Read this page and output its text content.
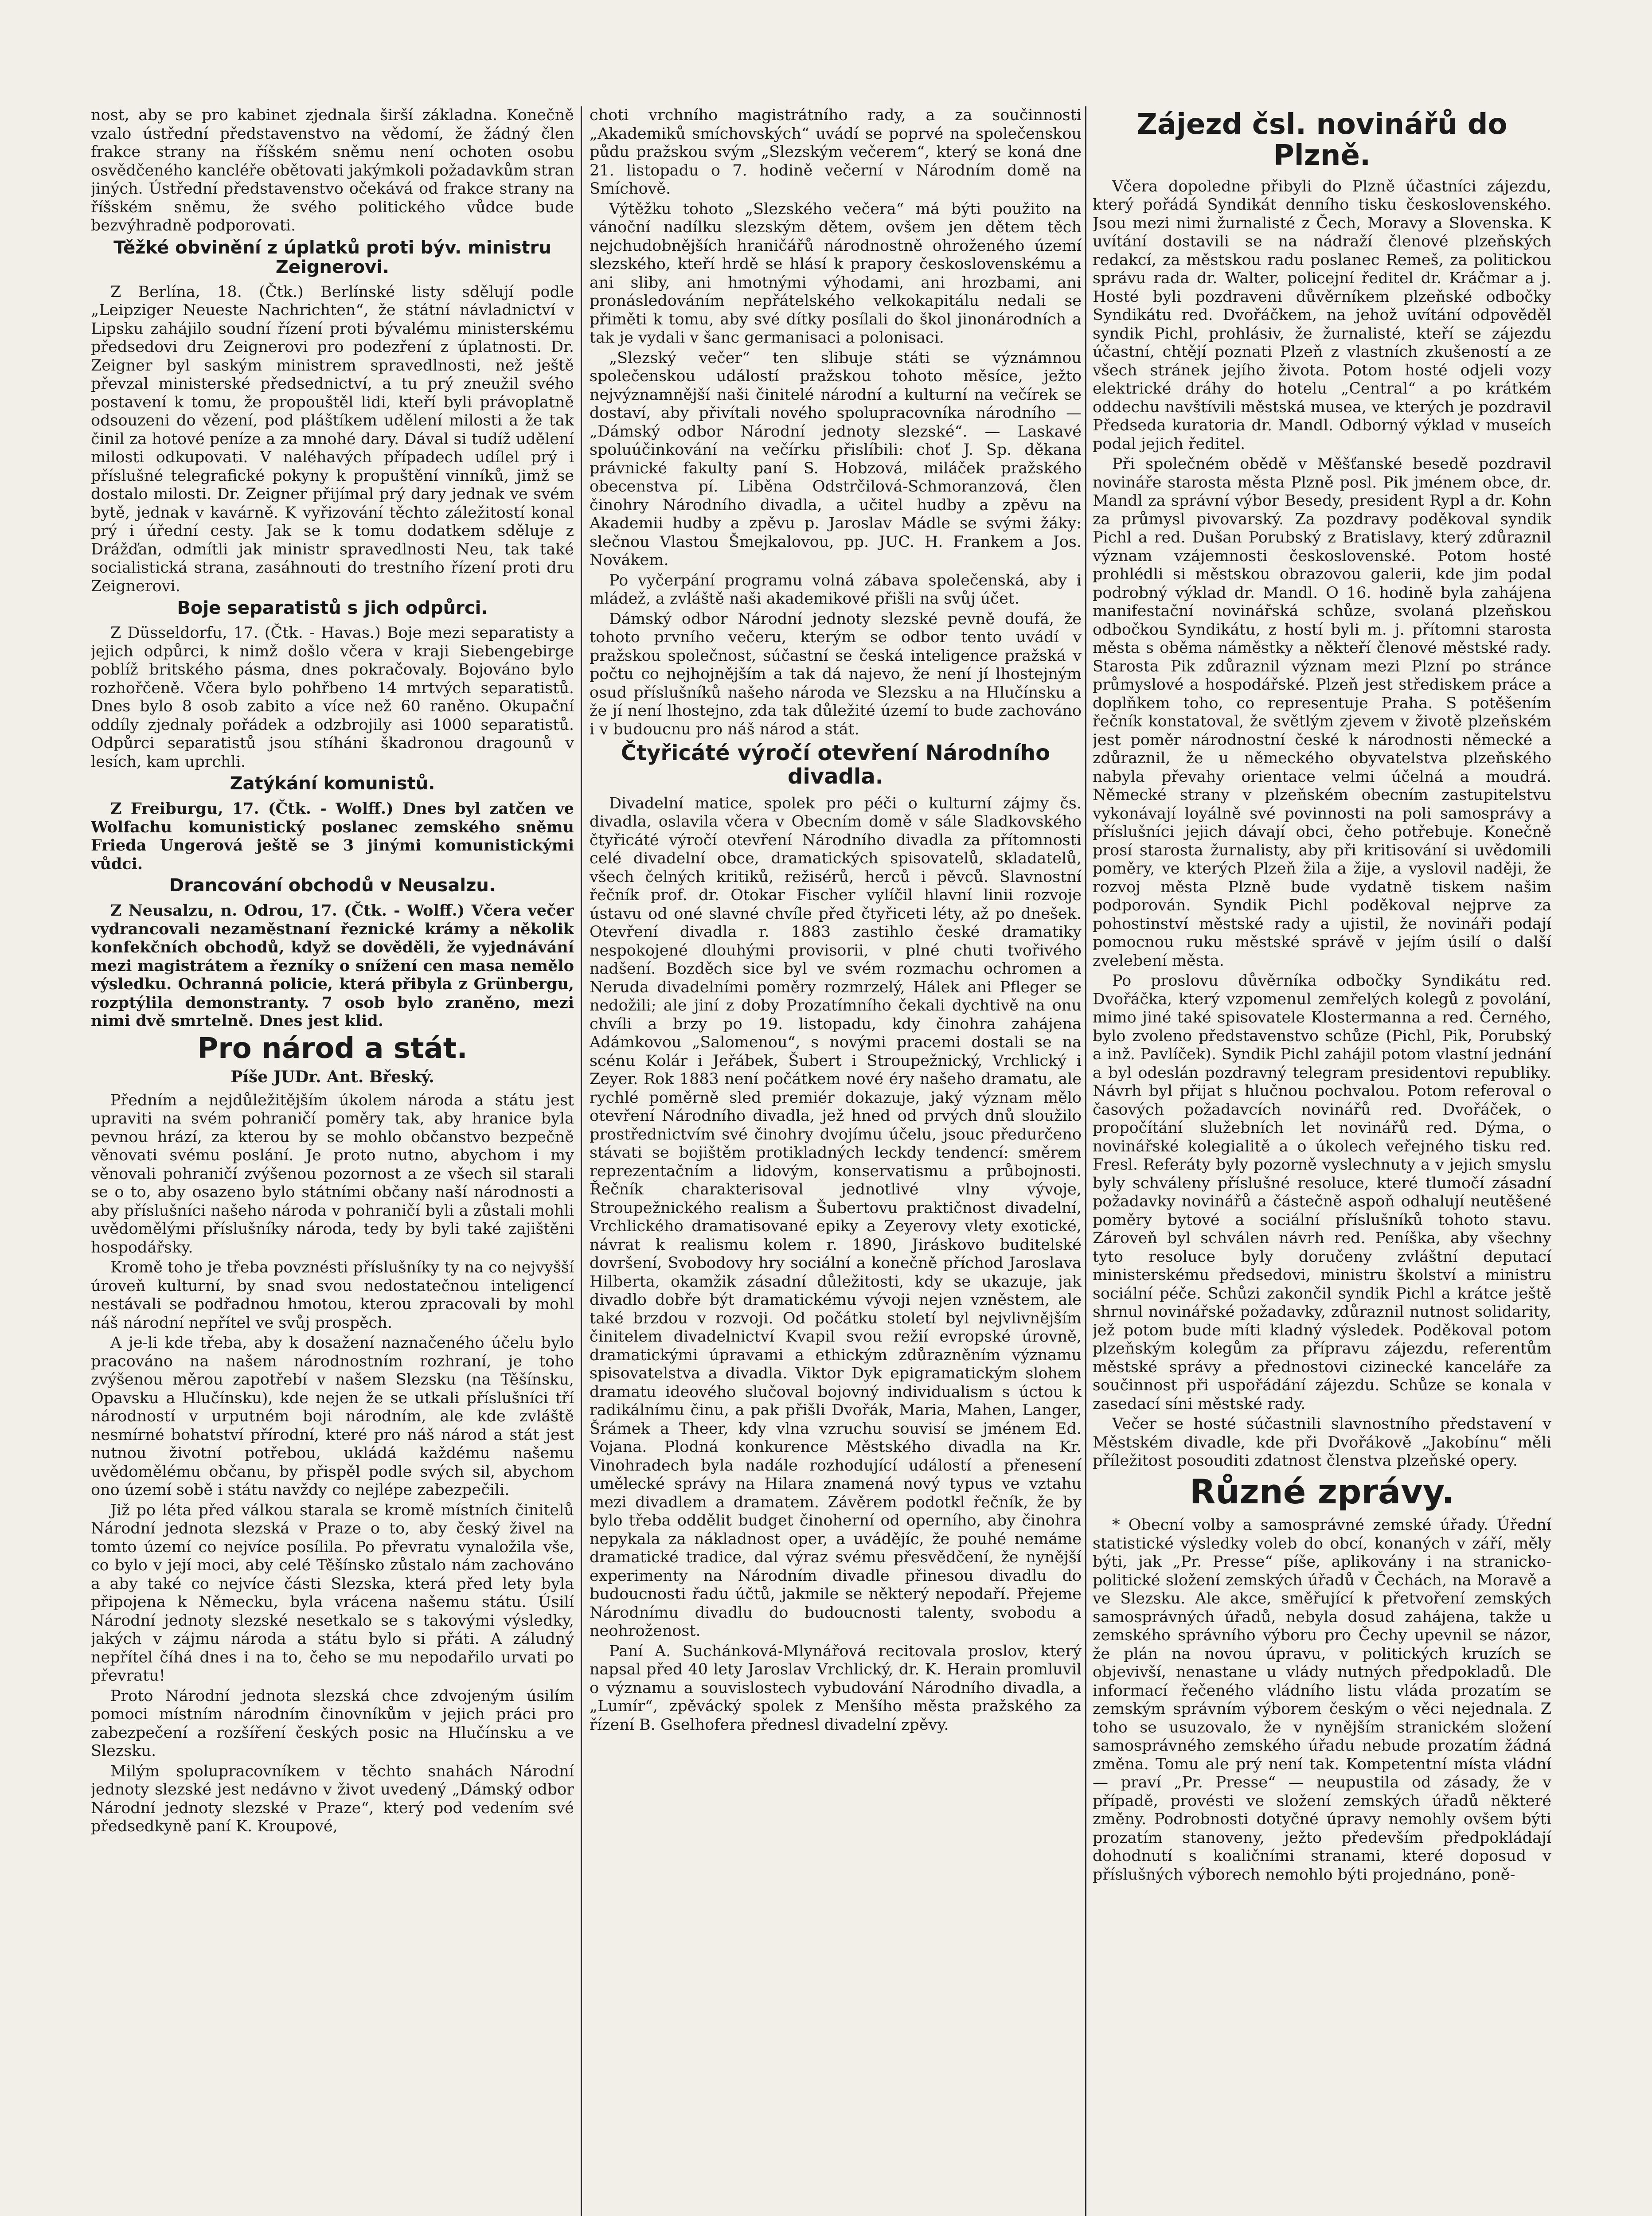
nost, aby se pro kabinet zjednala širší základna. Konečně vzalo ústřední představenstvo na vědomí, že žádný člen frakce strany na říšském sněmu není ochoten osobu osvědčeného kancléře obětovati jakýmkoli požadavkům stran jiných. Ústřední představenstvo očekává od frakce strany na říšském sněmu, že svého politického vůdce bude bezvýhradně podporovati.

Těžké obvinění z úplatků proti býv. ministru Zeignerovi.

Z Berlína, 18. (Čtk.) Berlínské listy sdělují podle „Leipziger Neueste Nachrichten“, že státní návladnictví v Lipsku zahájilo soudní řízení proti bývalému ministerskému předsedovi dru Zeignerovi pro podezření z úplatnosti. Dr. Zeigner byl saským ministrem spravedlnosti, než ještě převzal ministerské předsednictví, a tu prý zneužil svého postavení k tomu, že propouštěl lidi, kteří byli právoplatně odsouzeni do vězení, pod pláštíkem udělení milosti a že tak činil za hotové peníze a za mnohé dary. Dával si tudíž udělení milosti odkupovati. V naléhavých případech udílel prý i příslušné telegrafické pokyny k propuštění vinníků, jimž se dostalo milosti. Dr. Zeigner přijímal prý dary jednak ve svém bytě, jednak v kavárně. K vyřizování těchto záležitostí konal prý i úřední cesty. Jak se k tomu dodatkem sděluje z Drážďan, odmítli jak ministr spravedlnosti Neu, tak také socialistická strana, zasáhnouti do trestního řízení proti dru Zeignerovi.

Boje separatistů s jich odpůrci.

Z Düsseldorfu, 17. (Čtk. - Havas.) Boje mezi separatisty a jejich odpůrci, k nimž došlo včera v kraji Siebengebirge poblíž britského pásma, dnes pokračovaly. Bojováno bylo rozhořčeně. Včera bylo pohřbeno 14 mrtvých separatistů. Dnes bylo 8 osob zabito a více než 60 raněno. Okupační oddíly zjednaly pořádek a odzbrojily asi 1000 separatistů. Odpůrci separatistů jsou stíháni škadronou dragounů v lesích, kam uprchli.

Zatýkání komunistů.

Z Freiburgu, 17. (Čtk. - Wolff.) Dnes byl zatčen ve Wolfachu komunistický poslanec zemského sněmu Frieda Ungerová ještě se 3 jinými komunistickými vůdci.

Drancování obchodů v Neusalzu.

Z Neusalzu, n. Odrou, 17. (Čtk. - Wolff.) Včera večer vydrancovali nezaměstnaní řeznické krámy a několik konfekčních obchodů, když se dověděli, že vyjednávání mezi magistrátem a řezníky o snížení cen masa nemělo výsledku. Ochranná policie, která přibyla z Grünbergu, rozptýlila demonstranty. 7 osob bylo zraněno, mezi nimi dvě smrtelně. Dnes jest klid.

Pro národ a stát.
Píše JUDr. Ant. Břeský.

Předním a nejdůležitějším úkolem národa a státu jest upraviti na svém pohraničí poměry tak, aby hranice byla pevnou hrází, za kterou by se mohlo občanstvo bezpečně věnovati svému poslání. Je proto nutno, abychom i my věnovali pohraničí zvýšenou pozornost a ze všech sil starali se o to, aby osazeno bylo státními občany naší národnosti a aby příslušníci našeho národa v pohraničí byli a zůstali mohli uvědomělými příslušníky národa, tedy by byli také zajištěni hospodářsky.

Kromě toho je třeba povznésti příslušníky ty na co nejvyšší úroveň kulturní, by snad svou nedostatečnou inteligencí nestávali se podřadnou hmotou, kterou zpracovali by mohl náš národní nepřítel ve svůj prospěch.

A je-li kde třeba, aby k dosažení naznačeného účelu bylo pracováno na našem národnostním rozhraní, je toho zvýšenou měrou zapotřebí v našem Slezsku (na Těšínsku, Opavsku a Hlučínsku), kde nejen že se utkali příslušníci tří národností v urputném boji národním, ale kde zvláště nesmírné bohatství přírodní, které pro náš národ a stát jest nutnou životní potřebou, ukládá každému našemu uvědomělému občanu, by přispěl podle svých sil, abychom ono území sobě i státu navždy co nejlépe zabezpečili.

Již po léta před válkou starala se kromě místních činitelů Národní jednota slezská v Praze o to, aby český živel na tomto území co nejvíce posílila. Po převratu vynaložila vše, co bylo v její moci, aby celé Těšínsko zůstalo nám zachováno a aby také co nejvíce části Slezska, která před lety byla připojena k Německu, byla vrácena našemu státu. Úsilí Národní jednoty slezské nesetkalo se s takovými výsledky, jakých v zájmu národa a státu bylo si přáti. A záludný nepřítel číhá dnes i na to, čeho se mu nepodařilo urvati po převratu!

Proto Národní jednota slezská chce zdvojeným úsilím pomoci místním národním činovníkům v jejich práci pro zabezpečení a rozšíření českých posic na Hlučínsku a ve Slezsku.

Milým spolupracovníkem v těchto snahách Národní jednoty slezské jest nedávno v život uvedený „Dámský odbor Národní jednoty slezské v Praze“, který pod vedením své předsedkyně paní K. Kroupové,

choti vrchního magistrátního rady, a za součinnosti „Akademiků smíchovských“ uvádí se poprvé na společenskou půdu pražskou svým „Slezským večerem“, který se koná dne 21. listopadu o 7. hodině večerní v Národním domě na Smíchově.

Výtěžku tohoto „Slezského večera“ má býti použito na vánoční nadílku slezským dětem, ovšem jen dětem těch nejchudobnějších hraničářů národnostně ohroženého území slezského, kteří hrdě se hlásí k prapory československému a ani sliby, ani hmotnými výhodami, ani hrozbami, ani pronásledováním nepřátelského velkokapitálu nedali se přiměti k tomu, aby své dítky posílali do škol jinonárodních a tak je vydali v šanc germanisaci a polonisaci.

„Slezský večer“ ten slibuje státi se význámnou společenskou událostí pražskou tohoto měsíce, ježto nejvýznamnější naši činitelé národní a kulturní na večírek se dostaví, aby přivítali nového spolupracovníka národního — „Dámský odbor Národní jednoty slezské“. — Laskavé spoluúčinkování na večírku přislíbili: choť J. Sp. děkana právnické fakulty paní S. Hobzová, miláček pražského obecenstva pí. Liběna Odstrčilová-Schmoranzová, člen činohry Národního divadla, a učitel hudby a zpěvu na Akademii hudby a zpěvu p. Jaroslav Mádle se svými žáky: slečnou Vlastou Šmejkalovou, pp. JUC. H. Frankem a Jos. Novákem.

Po vyčerpání programu volná zábava společenská, aby i mládež, a zvláště naši akademikové přišli na svůj účet.

Dámský odbor Národní jednoty slezské pevně doufá, že tohoto prvního večeru, kterým se odbor tento uvádí v pražskou společnost, súčastní se česká inteligence pražská v počtu co nejhojnějším a tak dá najevo, že není jí lhostejným osud příslušníků našeho národa ve Slezsku a na Hlučínsku a že jí není lhostejno, zda tak důležité území to bude zachováno i v budoucnu pro náš národ a stát.

Čtyřicáté výročí otevření Národního divadla.

Divadelní matice, spolek pro péči o kulturní zájmy čs. divadla, oslavila včera v Obecním domě v sále Sladkovského čtyřicáté výročí otevření Národního divadla za přítomnosti celé divadelní obce, dramatických spisovatelů, skladatelů, všech čelných kritiků, režisérů, herců i pěvců. Slavnostní řečník prof. dr. Otokar Fischer vylíčil hlavní linii rozvoje ústavu od oné slavné chvíle před čtyřiceti léty, až po dnešek. Otevření divadla r. 1883 zastihlo české dramatiky nespokojené dlouhými provisorii, v plné chuti tvořivého nadšení. Bozděch sice byl ve svém rozmachu ochromen a Neruda divadelními poměry rozmrzelý, Hálek ani Pfleger se nedožili; ale jiní z doby Prozatímního čekali dychtivě na onu chvíli a brzy po 19. listopadu, kdy činohra zahájena Adámkovou „Salomenou“, s novými pracemi dostali se na scénu Kolár i Jeřábek, Šubert i Stroupežnický, Vrchlický i Zeyer. Rok 1883 není počátkem nové éry našeho dramatu, ale rychlé poměrně sled premiér dokazuje, jaký význam mělo otevření Národního divadla, jež hned od prvých dnů sloužilo prostřednictvím své činohry dvojímu účelu, jsouc předurčeno stávati se bojištěm protikladných leckdy tendencí: směrem reprezentačním a lidovým, konservatismu a průbojnosti. Řečník charakterisoval jednotlivé vlny vývoje, Stroupežnického realism a Šubertovu praktičnost divadelní, Vrchlického dramatisované epiky a Zeyerovy vlety exotické, návrat k realismu kolem r. 1890, Jiráskovo buditelské dovršení, Svobodovy hry sociální a konečně příchod Jaroslava Hilberta, okamžik zásadní důležitosti, kdy se ukazuje, jak divadlo dobře být dramatickému vývoji nejen vzněstem, ale také brzdou v rozvoji. Od počátku století byl nejvlivnějším činitelem divadelnictví Kvapil svou režií evropské úrovně, dramatickými úpravami a ethickým zdůrazněním významu spisovatelstva a divadla. Viktor Dyk epigramatickým slohem dramatu ideového slučoval bojovný individualism s úctou k radikálnímu činu, a pak přišli Dvořák, Maria, Mahen, Langer, Šrámek a Theer, kdy vlna vzruchu souvisí se jménem Ed. Vojana. Plodná konkurence Městského divadla na Kr. Vinohradech byla nadále rozhodující událostí a přenesení umělecké správy na Hilara znamená nový typus ve vztahu mezi divadlem a dramatem. Závěrem podotkl řečník, že by bylo třeba oddělit budget činoherní od operního, aby činohra nepykala za nákladnost oper, a uvádějíc, že pouhé nemáme dramatické tradice, dal výraz svému přesvědčení, že nynější experimenty na Národním divadle přinesou divadlu do budoucnosti řadu účtů, jakmile se některý nepodaří. Přejeme Národnímu divadlu do budoucnosti talenty, svobodu a neohroženost.

Paní A. Suchánková-Mlynářová recitovala proslov, který napsal před 40 lety Jaroslav Vrchlický, dr. K. Herain promluvil o významu a souvislostech vybudování Národního divadla, a „Lumír“, zpěvácký spolek z Menšího města pražského za řízení B. Gselhofera přednesl divadelní zpěvy.

Zájezd čsl. novinářů do Plzně.

Včera dopoledne přibyli do Plzně účastníci zájezdu, který pořádá Syndikát denního tisku československého. Jsou mezi nimi žurnalisté z Čech, Moravy a Slovenska. K uvítání dostavili se na nádraží členové plzeňských redakcí, za městskou radu poslanec Remeš, za politickou správu rada dr. Walter, policejní ředitel dr. Kráčmar a j. Hosté byli pozdraveni důvěrníkem plzeňské odbočky Syndikátu red. Dvořáčkem, na jehož uvítání odpověděl syndik Pichl, prohlásiv, že žurnalisté, kteří se zájezdu účastní, chtějí poznati Plzeň z vlastních zkušeností a ze všech stránek jejího života. Potom hosté odjeli vozy elektrické dráhy do hotelu „Central“ a po krátkém oddechu navštívili městská musea, ve kterých je pozdravil Předseda kuratoria dr. Mandl. Odborný výklad v museích podal jejich ředitel.

Při společném obědě v Měšťanské besedě pozdravil novináře starosta města Plzně posl. Pik jménem obce, dr. Mandl za správní výbor Besedy, president Rypl a dr. Kohn za průmysl pivovarský. Za pozdravy poděkoval syndik Pichl a red. Dušan Porubský z Bratislavy, který zdůraznil význam vzájemnosti československé. Potom hosté prohlédli si městskou obrazovou galerii, kde jim podal podrobný výklad dr. Mandl. O 16. hodině byla zahájena manifestační novinářská schůze, svolaná plzeňskou odbočkou Syndikátu, z hostí byli m. j. přítomni starosta města s oběma náměstky a někteří členové městské rady. Starosta Pik zdůraznil význam mezi Plzní po stránce průmyslové a hospodářské. Plzeň jest střediskem práce a doplňkem toho, co representuje Praha. S potěšením řečník konstatoval, že světlým zjevem v životě plzeňském jest poměr národnostní české k národnosti německé a zdůraznil, že u německého obyvatelstva plzeňského nabyla převahy orientace velmi účelná a moudrá. Německé strany v plzeňském obecním zastupitelstvu vykonávají loyálně své povinnosti na poli samosprávy a příslušníci jejich dávají obci, čeho potřebuje. Konečně prosí starosta žurnalisty, aby při kritisování si uvědomili poměry, ve kterých Plzeň žila a žije, a vyslovil naději, že rozvoj města Plzně bude vydatně tiskem našim podporován. Syndik Pichl poděkoval nejprve za pohostinství městské rady a ujistil, že novináři podají pomocnou ruku městské správě v jejím úsilí o další zvelebení města.

Po proslovu důvěrníka odbočky Syndikátu red. Dvořáčka, který vzpomenul zemřelých kolegů z povolání, mimo jiné také spisovatele Klostermanna a red. Černého, bylo zvoleno představenstvo schůze (Pichl, Pik, Porubský a inž. Pavlíček). Syndik Pichl zahájil potom vlastní jednání a byl odeslán pozdravný telegram presidentovi republiky. Návrh byl přijat s hlučnou pochvalou. Potom referoval o časových požadavcích novinářů red. Dvořáček, o propočítání služebních let novinářů red. Dýma, o novinářské kolegialitě a o úkolech veřejného tisku red. Fresl. Referáty byly pozorně vyslechnuty a v jejich smyslu byly schváleny příslušné resoluce, které tlumočí zásadní požadavky novinářů a částečně aspoň odhalují neutěšené poměry bytové a sociální příslušníků tohoto stavu. Zároveň byl schválen návrh red. Peníška, aby všechny tyto resoluce byly doručeny zvláštní deputací ministerskému předsedovi, ministru školství a ministru sociální péče. Schůzi zakončil syndik Pichl a krátce ještě shrnul novinářské požadavky, zdůraznil nutnost solidarity, jež potom bude míti kladný výsledek. Poděkoval potom plzeňským kolegům za přípravu zájezdu, referentům městské správy a přednostovi cizinecké kanceláře za součinnost při uspořádání zájezdu. Schůze se konala v zasedací síni městské rady.

Večer se hosté súčastnili slavnostního představení v Městském divadle, kde při Dvořákově „Jakobínu“ měli příležitost posouditi zdatnost členstva plzeňské opery.

Různé zprávy.

* Obecní volby a samosprávné zemské úřady. Úřední statistické výsledky voleb do obcí, konaných v září, měly býti, jak „Pr. Presse“ píše, aplikovány i na stranicko-politické složení zemských úřadů v Čechách, na Moravě a ve Slezsku. Ale akce, směřující k přetvoření zemských samosprávných úřadů, nebyla dosud zahájena, takže u zemského správního výboru pro Čechy upevnil se názor, že plán na novou úpravu, v politických kruzích se objevivší, nenastane u vlády nutných předpokladů. Dle informací řečeného vládního listu vláda prozatím se zemským správním výborem českým o věci nejednala. Z toho se usuzovalo, že v nynějším stranickém složení samosprávného zemského úřadu nebude prozatím žádná změna. Tomu ale prý není tak. Kompetentní místa vládní — praví „Pr. Presse“ — neupustila od zásady, že v případě, provésti ve složení zemských úřadů některé změny. Podrobnosti dotyčné úpravy nemohly ovšem býti prozatím stanoveny, ježto především předpokládají dohodnutí s koaličními stranami, které doposud v příslušných výborech nemohlo býti projednáno, poně-
